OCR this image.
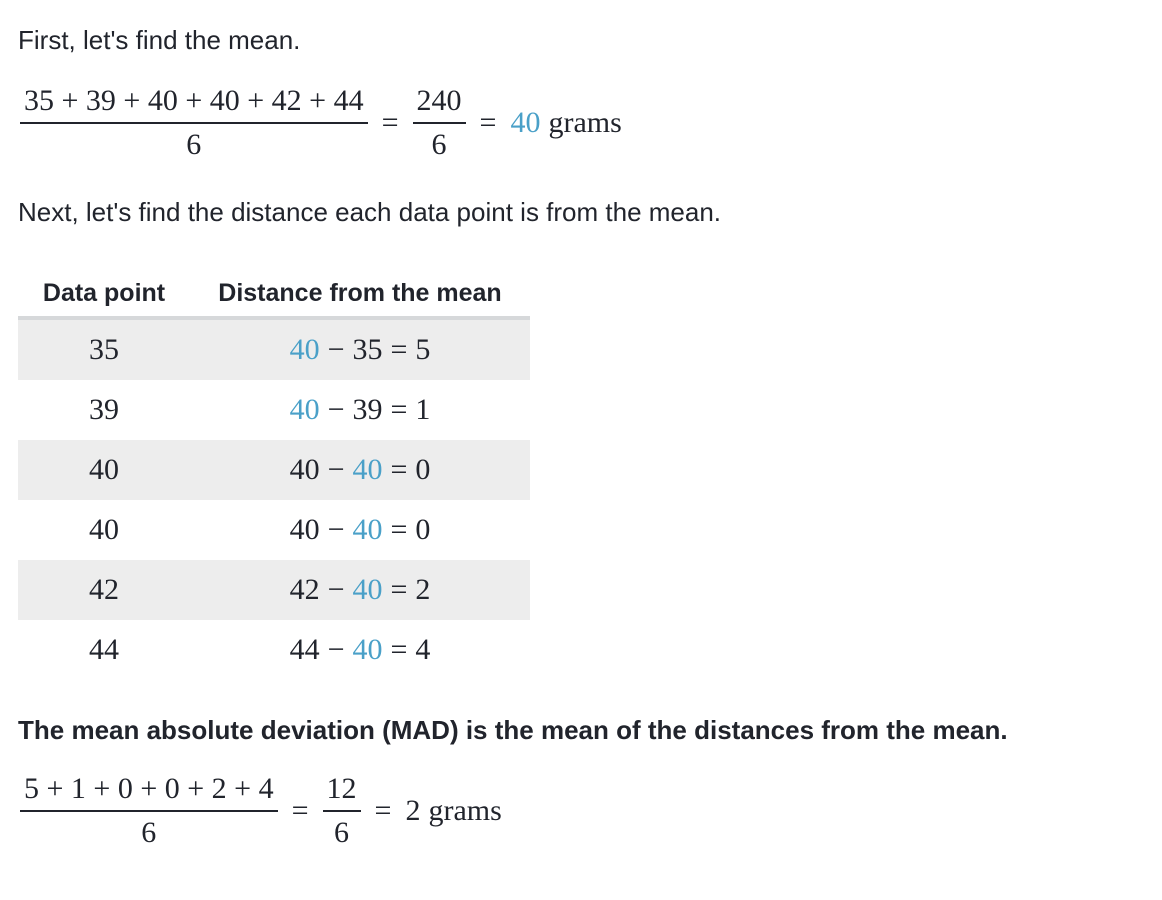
First, let's find the mean.

$\frac{35 + 39 + 40 + 40 + 42 + 44}{6} = \frac{240}{6} = 40$ grams

Next, let's find the distance each data point is from the mean.

Data point	Distance from the mean
35	40 − 35 = 5
39	40 − 39 = 1
40	40 − 40 = 0
40	40 − 40 = 0
42	42 − 40 = 2
44	44 − 40 = 4

The mean absolute deviation (MAD) is the mean of the distances from the mean.

$\frac{5 + 1 + 0 + 0 + 2 + 4}{6} = \frac{12}{6} = 2$ grams
